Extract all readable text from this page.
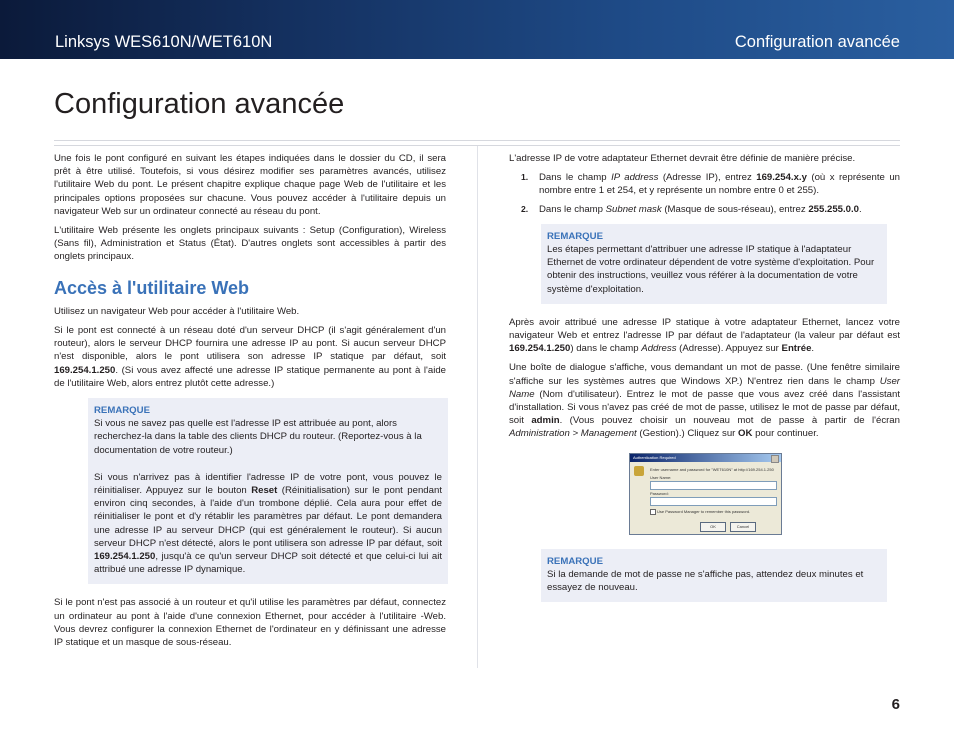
Linksys WES610N/WET610N	Configuration avancée
Configuration avancée

Une fois le pont configuré en suivant les étapes indiquées dans le dossier du CD, il sera prêt à être utilisé. Toutefois, si vous désirez modifier ses paramètres avancés, utilisez l'utilitaire Web du pont. Le présent chapitre explique chaque page Web de l'utilitaire et les principales options proposées sur chacune. Vous pouvez accéder à l'utilitaire depuis un navigateur Web sur un ordinateur connecté au réseau du pont.

L'utilitaire Web présente les onglets principaux suivants : Setup (Configuration), Wireless (Sans fil), Administration et Status (État). D'autres onglets sont accessibles à partir des onglets principaux.

Accès à l'utilitaire Web

Utilisez un navigateur Web pour accéder à l'utilitaire Web.

Si le pont est connecté à un réseau doté d'un serveur DHCP (il s'agit généralement d'un routeur), alors le serveur DHCP fournira une adresse IP au pont. Si aucun serveur DHCP n'est disponible, alors le pont utilisera son adresse IP statique par défaut, soit 169.254.1.250. (Si vous avez affecté une adresse IP statique permanente au pont à l'aide de l'utilitaire Web, alors entrez plutôt cette adresse.)

REMARQUE

Si vous ne savez pas quelle est l'adresse IP est attribuée au pont, alors recherchez-la dans la table des clients DHCP du routeur. (Reportez-vous à la documentation de votre routeur.)

Si vous n'arrivez pas à identifier l'adresse IP de votre pont, vous pouvez le réinitialiser. Appuyez sur le bouton Reset (Réinitialisation) sur le pont pendant environ cinq secondes, à l'aide d'un trombone déplié. Cela aura pour effet de réinitialiser le pont et d'y rétablir les paramètres par défaut. Le pont demandera une adresse IP au serveur DHCP (qui est généralement le routeur). Si aucun serveur DHCP n'est détecté, alors le pont utilisera son adresse IP par défaut, soit 169.254.1.250, jusqu'à ce qu'un serveur DHCP soit détecté et que celui-ci lui ait attribué une adresse IP dynamique.

Si le pont n'est pas associé à un routeur et qu'il utilise les paramètres par défaut, connectez un ordinateur au pont à l'aide d'une connexion Ethernet, pour accéder à l'utilitaire -Web. Vous devrez configurer la connexion Ethernet de l'ordinateur en y définissant une adresse IP statique et un masque de sous-réseau.

L'adresse IP de votre adaptateur Ethernet devrait être définie de manière précise.

1. Dans le champ IP address (Adresse IP), entrez 169.254.x.y (où x représente un nombre entre 1 et 254, et y représente un nombre entre 0 et 255).
2. Dans le champ Subnet mask (Masque de sous-réseau), entrez 255.255.0.0.
REMARQUE

Les étapes permettant d'attribuer une adresse IP statique à l'adaptateur Ethernet de votre ordinateur dépendent de votre système d'exploitation. Pour obtenir des instructions, veuillez vous référer à la documentation de votre système d'exploitation.

Après avoir attribué une adresse IP statique à votre adaptateur Ethernet, lancez votre navigateur Web et entrez l'adresse IP par défaut de l'adaptateur (la valeur par défaut est 169.254.1.250) dans le champ Address (Adresse). Appuyez sur Entrée.

Une boîte de dialogue s'affiche, vous demandant un mot de passe. (Une fenêtre similaire s'affiche sur les systèmes autres que Windows XP.) N'entrez rien dans le champ User Name (Nom d'utilisateur). Entrez le mot de passe que vous avez créé dans l'assistant d'installation. Si vous n'avez pas créé de mot de passe, utilisez le mot de passe par défaut, soit admin. (Vous pouvez choisir un nouveau mot de passe à partir de l'écran Administration > Management (Gestion).) Cliquez sur OK pour continuer.

Authentication Required
Enter username and password for "WET610N" at http://169.254.1.250
User Name:
Password:
Use Password Manager to remember this password.
OK	Cancel
REMARQUE

Si la demande de mot de passe ne s'affiche pas, attendez deux minutes et essayez de nouveau.

6
